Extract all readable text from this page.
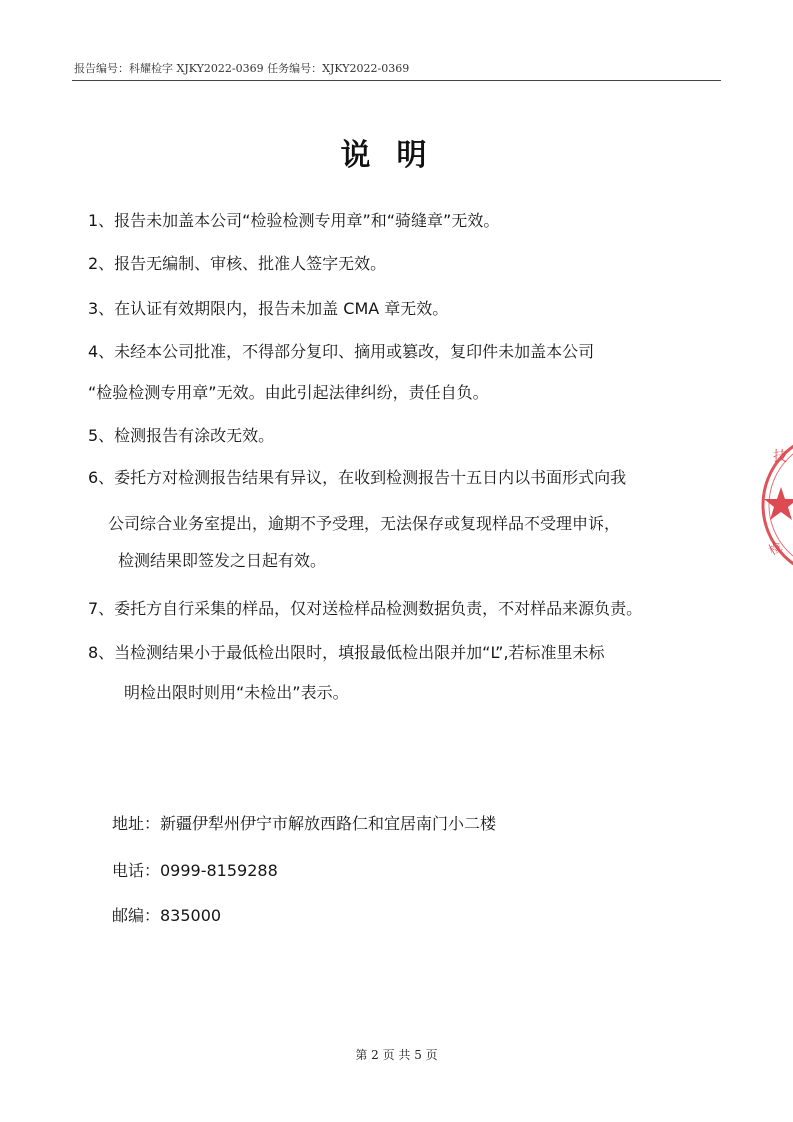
报告编号：科耀检字 XJKY2022-0369 任务编号：XJKY2022-0369
说明
1、报告未加盖本公司“检验检测专用章”和“骑缝章”无效。
2、报告无编制、审核、批准人签字无效。
3、在认证有效期限内，报告未加盖 CMA 章无效。
4、未经本公司批准，不得部分复印、摘用或篡改，复印件未加盖本公司
“检验检测专用章”无效。由此引起法律纠纷，责任自负。
5、检测报告有涂改无效。
6、委托方对检测报告结果有异议，在收到检测报告十五日内以书面形式向我
公司综合业务室提出，逾期不予受理，无法保存或复现样品不受理申诉，
检测结果即签发之日起有效。
7、委托方自行采集的样品，仅对送检样品检测数据负责，不对样品来源负责。
8、当检测结果小于最低检出限时，填报最低检出限并加“L”,若标准里未标
明检出限时则用“未检出”表示。
地址：新疆伊犁州伊宁市解放西路仁和宜居南门小二楼
电话：0999-8159288
邮编：835000
第 2 页 共 5 页
技
检
